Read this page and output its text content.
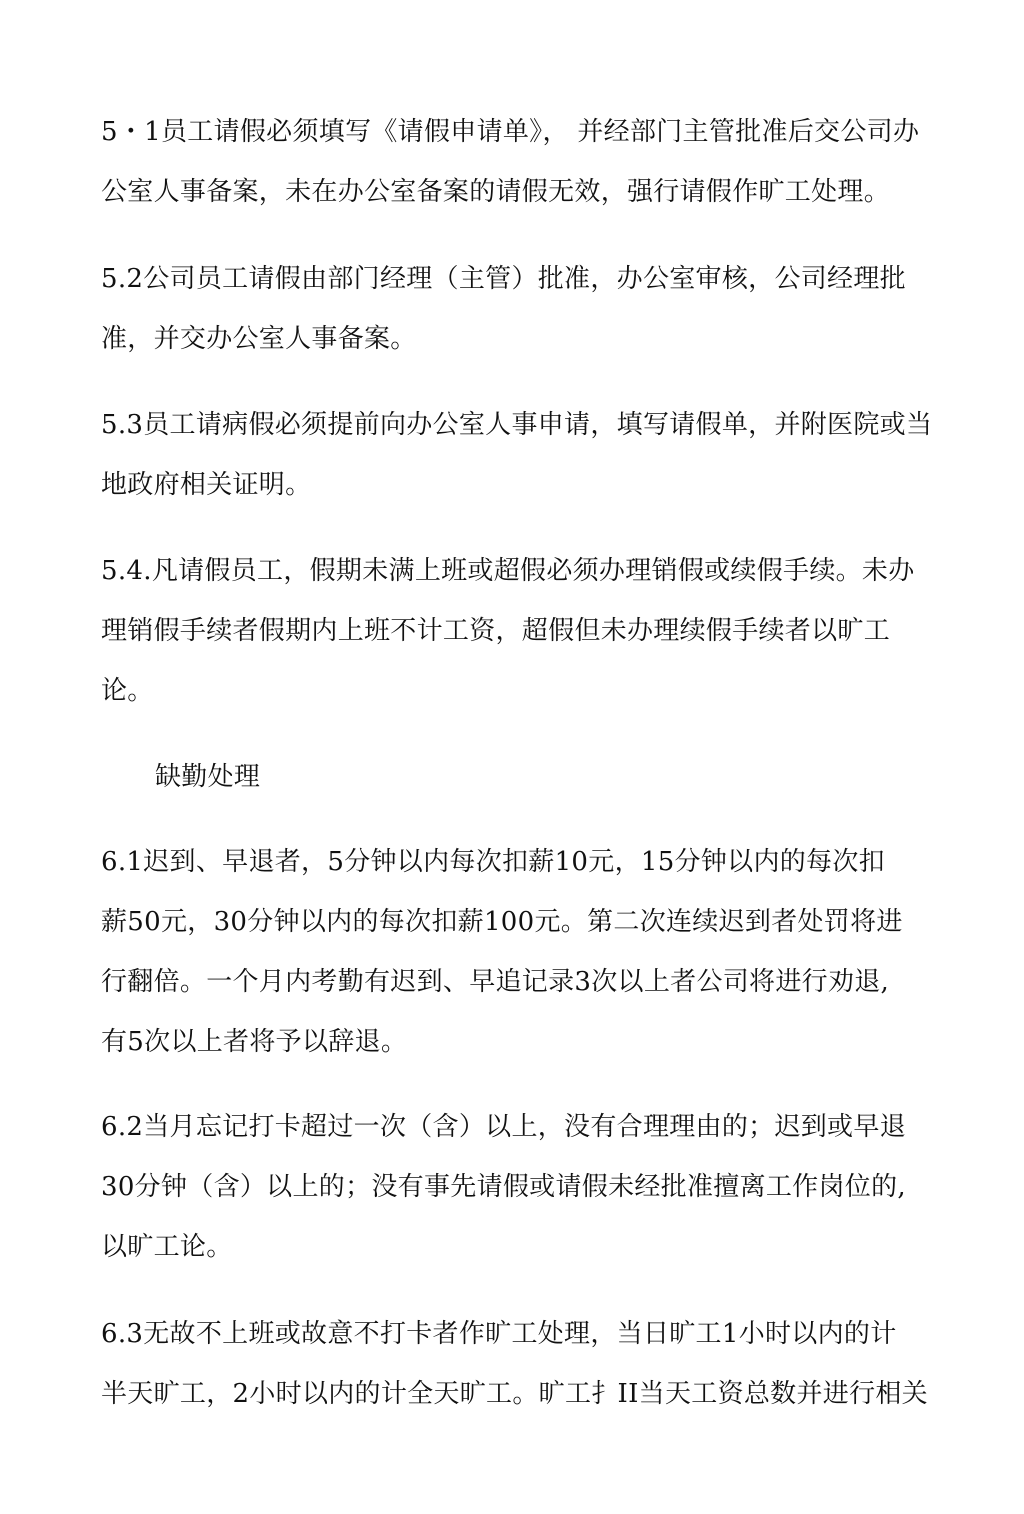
5・1员工请假必须填写《请假申请单》， 并经部门主管批准后交公司办
公室人事备案，未在办公室备案的请假无效，强行请假作旷工处理。
5.2公司员工请假由部门经理（主管）批准，办公室审核，公司经理批
准，并交办公室人事备案。
5.3员工请病假必须提前向办公室人事申请，填写请假单，并附医院或当
地政府相关证明。
5.4.凡请假员工，假期未满上班或超假必须办理销假或续假手续。未办
理销假手续者假期内上班不计工资，超假但未办理续假手续者以旷工
论。
缺勤处理
6.1迟到、早退者，5分钟以内每次扣薪10元，15分钟以内的每次扣
薪50元，30分钟以内的每次扣薪100元。第二次连续迟到者处罚将进
行翻倍。一个月内考勤有迟到、早追记录3次以上者公司将进行劝退,
有5次以上者将予以辞退。
6.2当月忘记打卡超过一次（含）以上，没有合理理由的；迟到或早退
30分钟（含）以上的；没有事先请假或请假未经批准擅离工作岗位的,
以旷工论。
6.3无故不上班或故意不打卡者作旷工处理，当日旷工1小时以内的计
半天旷工，2小时以内的计全天旷工。旷工扌II当天工资总数并进行相关
